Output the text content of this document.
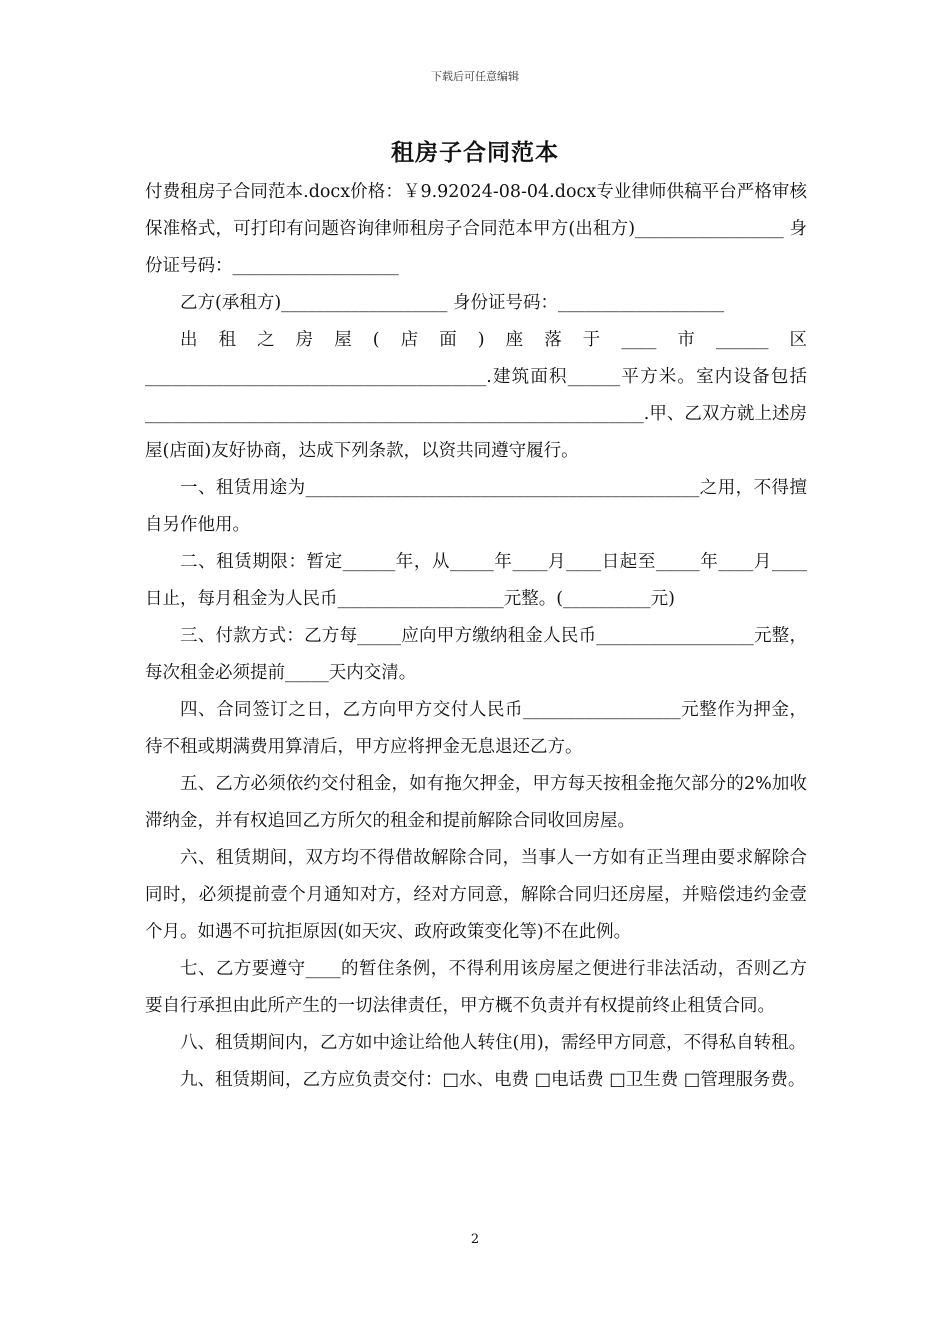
下载后可任意编辑
租房子合同范本

付费租房子合同范本.docx价格：￥9.92024-08-04.docx专业律师供稿平台严格审核保准格式，可打印有问题咨询律师租房子合同范本甲方(出租方)_________________ 身份证号码：___________________

乙方(承租方)___________________ 身份证号码：___________________

出租之房屋(店面)座落于____市______区_______________________________________.建筑面积______平方米。室内设备包括_________________________________________________________.甲、乙双方就上述房屋(店面)友好协商，达成下列条款，以资共同遵守履行。

一、租赁用途为_____________________________________________之用，不得擅自另作他用。

二、租赁期限：暂定______年，从_____年____月____日起至_____年____月____日止，每月租金为人民币___________________元整。(__________元)

三、付款方式：乙方每_____应向甲方缴纳租金人民币__________________元整，每次租金必须提前_____天内交清。

四、合同签订之日，乙方向甲方交付人民币__________________元整作为押金，待不租或期满费用算清后，甲方应将押金无息退还乙方。

五、乙方必须依约交付租金，如有拖欠押金，甲方每天按租金拖欠部分的2%加收滞纳金，并有权追回乙方所欠的租金和提前解除合同收回房屋。

六、租赁期间，双方均不得借故解除合同，当事人一方如有正当理由要求解除合同时，必须提前壹个月通知对方，经对方同意，解除合同归还房屋，并赔偿违约金壹个月。如遇不可抗拒原因(如天灾、政府政策变化等)不在此例。

七、乙方要遵守____的暂住条例，不得利用该房屋之便进行非法活动，否则乙方要自行承担由此所产生的一切法律责任，甲方概不负责并有权提前终止租赁合同。

八、租赁期间内，乙方如中途让给他人转住(用)，需经甲方同意，不得私自转租。

九、租赁期间，乙方应负责交付：□水、电费 □电话费 □卫生费 □管理服务费。

2
